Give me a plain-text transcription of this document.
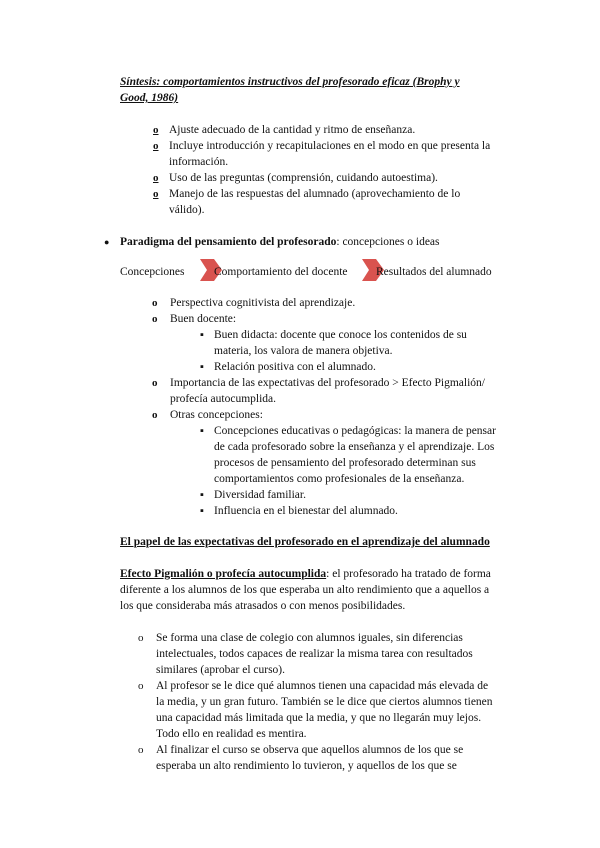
Síntesis: comportamientos instructivos del profesorado eficaz (Brophy y
Good, 1986)
o Ajuste adecuado de la cantidad y ritmo de enseñanza.
o Incluye introducción y recapitulaciones en el modo en que presenta la
información.
o Uso de las preguntas (comprensión, cuidando autoestima).
o Manejo de las respuestas del alumnado (aprovechamiento de lo
válido).
● Paradigma del pensamiento del profesorado: concepciones o ideas
Concepciones	Comportamiento del docente Resultados del alumnado
o Perspectiva cognitivista del aprendizaje.
o Buen docente:
▪ Buen didacta: docente que conoce los contenidos de su
materia, los valora de manera objetiva.
▪ Relación positiva con el alumnado.
o Importancia de las expectativas del profesorado > Efecto Pigmalión/
profecía autocumplida.
o Otras concepciones:
▪ Concepciones educativas o pedagógicas: la manera de pensar
de cada profesorado sobre la enseñanza y el aprendizaje. Los
procesos de pensamiento del profesorado determinan sus
comportamientos como profesionales de la enseñanza.
▪ Diversidad familiar.
▪ Influencia en el bienestar del alumnado.
El papel de las expectativas del profesorado en el aprendizaje del alumnado
Efecto Pigmalión o profecía autocumplida: el profesorado ha tratado de forma
diferente a los alumnos de los que esperaba un alto rendimiento que a aquellos a
los que consideraba más atrasados o con menos posibilidades.
o Se forma una clase de colegio con alumnos iguales, sin diferencias
intelectuales, todos capaces de realizar la misma tarea con resultados
similares (aprobar el curso).
o Al profesor se le dice qué alumnos tienen una capacidad más elevada de
la media, y un gran futuro. También se le dice que ciertos alumnos tienen
una capacidad más limitada que la media, y que no llegarán muy lejos.
Todo ello en realidad es mentira.
o Al finalizar el curso se observa que aquellos alumnos de los que se
esperaba un alto rendimiento lo tuvieron, y aquellos de los que se
